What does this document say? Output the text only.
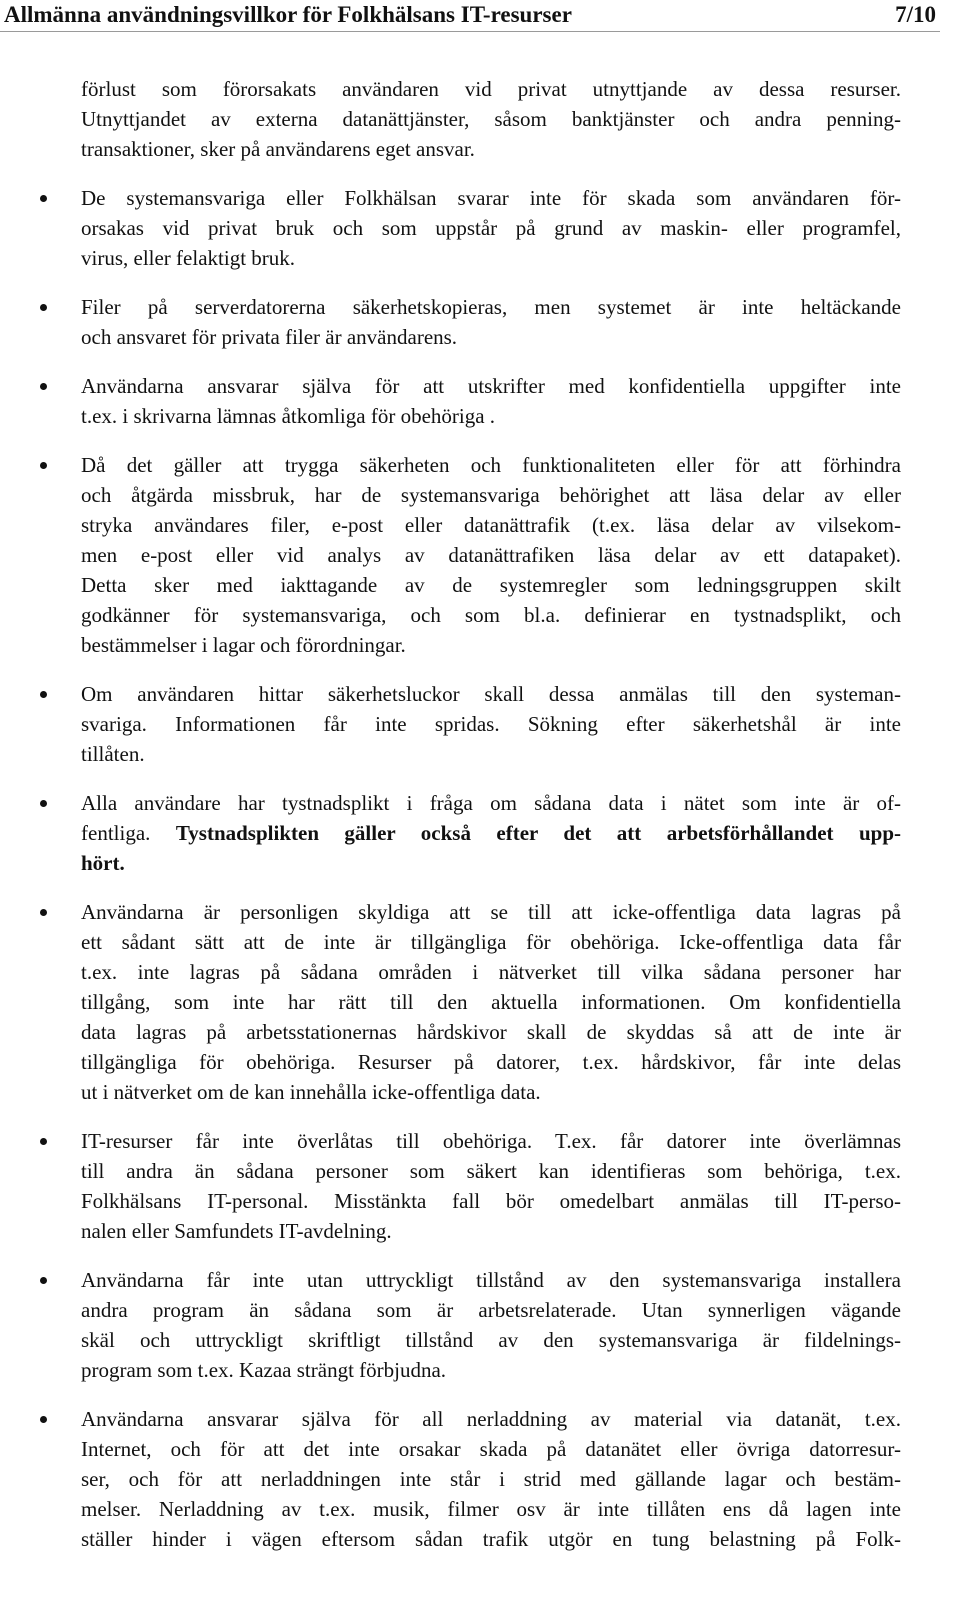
Allmänna användningsvillkor för Folkhälsans IT-resurser	7/10
förlust som förorsakats användaren vid privat utnyttjande av dessa resurser.
Utnyttjandet av externa datanättjänster, såsom banktjänster och andra penning-
transaktioner, sker på användarens eget ansvar.
De systemansvariga eller Folkhälsan svarar inte för skada som användaren för-
orsakas vid privat bruk och som uppstår på grund av maskin- eller programfel,
virus, eller felaktigt bruk.
Filer på serverdatorerna säkerhetskopieras, men systemet är inte heltäckande
och ansvaret för privata filer är användarens.
Användarna ansvarar själva för att utskrifter med konfidentiella uppgifter inte
t.ex. i skrivarna lämnas åtkomliga för obehöriga .
Då det gäller att trygga säkerheten och funktionaliteten eller för att förhindra
och åtgärda missbruk, har de systemansvariga behörighet att läsa delar av eller
stryka användares filer, e-post eller datanättrafik (t.ex. läsa delar av vilsekom-
men e-post eller vid analys av datanättrafiken läsa delar av ett datapaket).
Detta sker med iakttagande av de systemregler som ledningsgruppen skilt
godkänner för systemansvariga, och som bl.a. definierar en tystnadsplikt, och
bestämmelser i lagar och förordningar.
Om användaren hittar säkerhetsluckor skall dessa anmälas till den systeman-
svariga. Informationen får inte spridas. Sökning efter säkerhetshål är inte
tillåten.
Alla användare har tystnadsplikt i fråga om sådana data i nätet som inte är of-
fentliga. Tystnadsplikten gäller också efter det att arbetsförhållandet upp-
hört.
Användarna är personligen skyldiga att se till att icke-offentliga data lagras på
ett sådant sätt att de inte är tillgängliga för obehöriga. Icke-offentliga data får
t.ex. inte lagras på sådana områden i nätverket till vilka sådana personer har
tillgång, som inte har rätt till den aktuella informationen. Om konfidentiella
data lagras på arbetsstationernas hårdskivor skall de skyddas så att de inte är
tillgängliga för obehöriga. Resurser på datorer, t.ex. hårdskivor, får inte delas
ut i nätverket om de kan innehålla icke-offentliga data.
IT-resurser får inte överlåtas till obehöriga. T.ex. får datorer inte överlämnas
till andra än sådana personer som säkert kan identifieras som behöriga, t.ex.
Folkhälsans IT-personal. Misstänkta fall bör omedelbart anmälas till IT-perso-
nalen eller Samfundets IT-avdelning.
Användarna får inte utan uttryckligt tillstånd av den systemansvariga installera
andra program än sådana som är arbetsrelaterade. Utan synnerligen vägande
skäl och uttryckligt skriftligt tillstånd av den systemansvariga är fildelnings-
program som t.ex. Kazaa strängt förbjudna.
Användarna ansvarar själva för all nerladdning av material via datanät, t.ex.
Internet, och för att det inte orsakar skada på datanätet eller övriga datorresur-
ser, och för att nerladdningen inte står i strid med gällande lagar och bestäm-
melser. Nerladdning av t.ex. musik, filmer osv är inte tillåten ens då lagen inte
ställer hinder i vägen eftersom sådan trafik utgör en tung belastning på Folk-
